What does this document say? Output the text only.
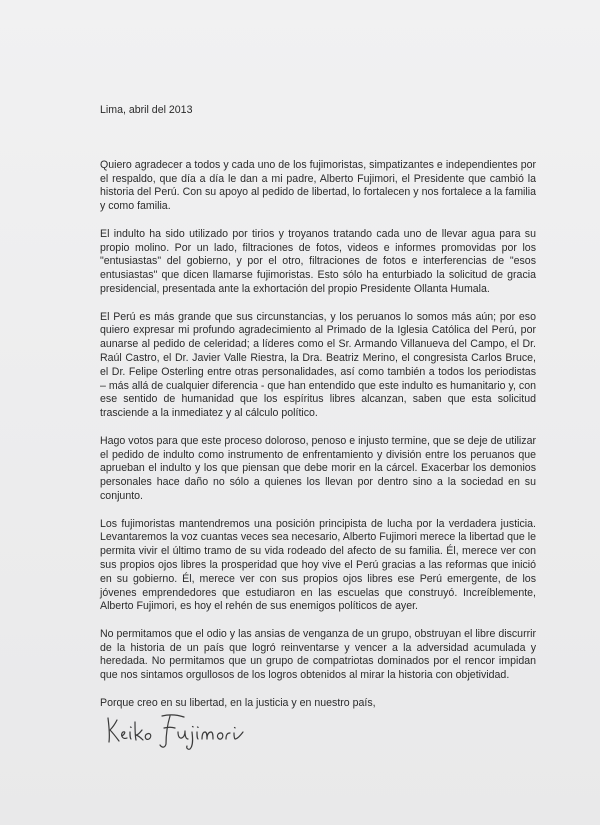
Lima, abril del 2013

Quiero agradecer a todos y cada uno de los fujimoristas, simpatizantes e independientes por el respaldo, que día a día le dan a mi padre, Alberto Fujimori, el Presidente que cambió la historia del Perú. Con su apoyo al pedido de libertad, lo fortalecen y nos fortalece a la familia y como familia.

El indulto ha sido utilizado por tirios y troyanos tratando cada uno de llevar agua para su propio molino. Por un lado, filtraciones de fotos, videos e informes promovidas por los "entusiastas" del gobierno, y por el otro, filtraciones de fotos e interferencias de "esos entusiastas" que dicen llamarse fujimoristas. Esto sólo ha enturbiado la solicitud de gracia presidencial, presentada ante la exhortación del propio Presidente Ollanta Humala.

El Perú es más grande que sus circunstancias, y los peruanos lo somos más aún; por eso quiero expresar mi profundo agradecimiento al Primado de la Iglesia Católica del Perú, por aunarse al pedido de celeridad; a líderes como el Sr. Armando Villanueva del Campo, el Dr. Raúl Castro, el Dr. Javier Valle Riestra, la Dra. Beatriz Merino, el congresista Carlos Bruce, el Dr. Felipe Osterling entre otras personalidades, así como también a todos los periodistas – más allá de cualquier diferencia - que han entendido que este indulto es humanitario y, con ese sentido de humanidad que los espíritus libres alcanzan, saben que esta solicitud trasciende a la inmediatez y al cálculo político.

Hago votos para que este proceso doloroso, penoso e injusto termine, que se deje de utilizar el pedido de indulto como instrumento de enfrentamiento y división entre los peruanos que aprueban el indulto y los que piensan que debe morir en la cárcel. Exacerbar los demonios personales hace daño no sólo a quienes los llevan por dentro sino a la sociedad en su conjunto.

Los fujimoristas mantendremos una posición principista de lucha por la verdadera justicia. Levantaremos la voz cuantas veces sea necesario, Alberto Fujimori merece la libertad que le permita vivir el último tramo de su vida rodeado del afecto de su familia. Él, merece ver con sus propios ojos libres la prosperidad que hoy vive el Perú gracias a las reformas que inició en su gobierno. Él, merece ver con sus propios ojos libres ese Perú emergente, de los jóvenes emprendedores que estudiaron en las escuelas que construyó. Increíblemente, Alberto Fujimori, es hoy el rehén de sus enemigos políticos de ayer.

No permitamos que el odio y las ansias de venganza de un grupo, obstruyan el libre discurrir de la historia de un país que logró reinventarse y vencer a la adversidad acumulada y heredada. No permitamos que un grupo de compatriotas dominados por el rencor impidan que nos sintamos orgullosos de los logros obtenidos al mirar la historia con objetividad.

Porque creo en su libertad, en la justicia y en nuestro país,
